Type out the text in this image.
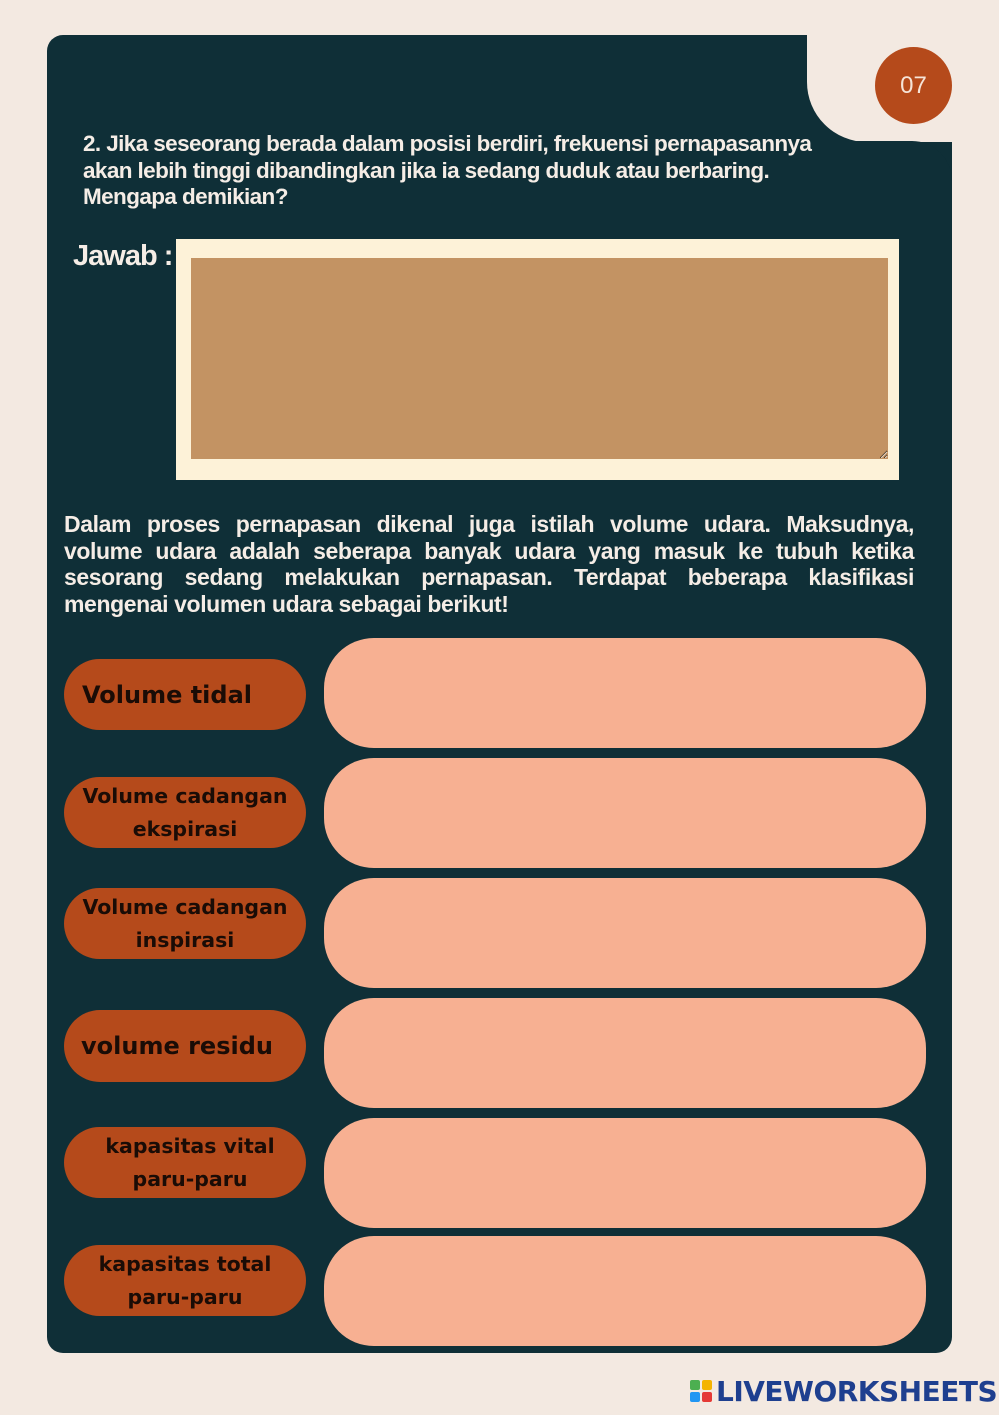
07
2. Jika seseorang berada dalam posisi berdiri, frekuensi pernapasannya akan lebih tinggi dibandingkan jika ia sedang duduk atau berbaring. Mengapa demikian?
Jawab :
Dalam proses pernapasan dikenal juga istilah volume udara. Maksudnya, volume udara adalah seberapa banyak udara yang masuk ke tubuh ketika sesorang sedang melakukan pernapasan. Terdapat beberapa klasifikasi mengenai volumen udara sebagai berikut!
Volume tidal
Volume cadangan ekspirasi
Volume cadangan inspirasi
volume residu
kapasitas vital paru-paru
kapasitas total paru-paru
LIVEWORKSHEETS
